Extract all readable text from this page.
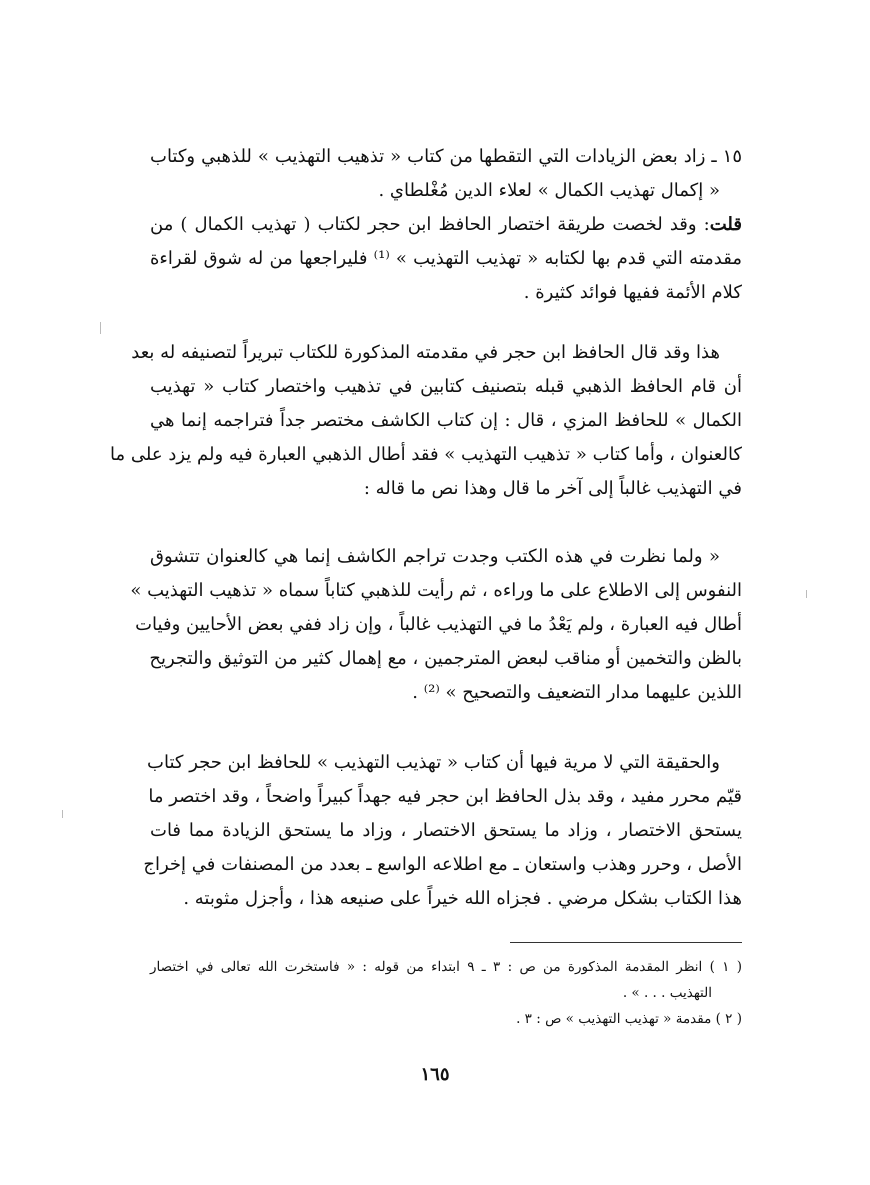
١٥ ـ زاد بعض الزيادات التي التقطها من كتاب « تذهيب التهذيب » للذهبي وكتاب
« إكمال تهذيب الكمال » لعلاء الدين مُغْلطاي .
قلت: وقد لخصت طريقة اختصار الحافظ ابن حجر لكتاب ( تهذيب الكمال ) من
مقدمته التي قدم بها لكتابه « تهذيب التهذيب » ⁽¹⁾ فليراجعها من له شوق لقراءة
كلام الأئمة ففيها فوائد كثيرة .
هذا وقد قال الحافظ ابن حجر في مقدمته المذكورة للكتاب تبريراً لتصنيفه له بعد
أن قام الحافظ الذهبي قبله بتصنيف كتابين في تذهيب واختصار كتاب « تهذيب
الكمال » للحافظ المزي ، قال : إن كتاب الكاشف مختصر جداً فتراجمه إنما هي
كالعنوان ، وأما كتاب « تذهيب التهذيب » فقد أطال الذهبي العبارة فيه ولم يزد على ما
في التهذيب غالباً إلى آخر ما قال وهذا نص ما قاله :
« ولما نظرت في هذه الكتب وجدت تراجم الكاشف إنما هي كالعنوان تتشوق
النفوس إلى الاطلاع على ما وراءه ، ثم رأيت للذهبي كتاباً سماه « تذهيب التهذيب »
أطال فيه العبارة ، ولم يَعْدُ ما في التهذيب غالباً ، وإن زاد ففي بعض الأحايين وفيات
بالظن والتخمين أو مناقب لبعض المترجمين ، مع إهمال كثير من التوثيق والتجريح
اللذين عليهما مدار التضعيف والتصحيح » ⁽²⁾ .
والحقيقة التي لا مرية فيها أن كتاب « تهذيب التهذيب » للحافظ ابن حجر كتاب
قيّم محرر مفيد ، وقد بذل الحافظ ابن حجر فيه جهداً كبيراً واضحاً ، وقد اختصر ما
يستحق الاختصار ، وزاد ما يستحق الاختصار ، وزاد ما يستحق الزيادة مما فات
الأصل ، وحرر وهذب واستعان ـ مع اطلاعه الواسع ـ بعدد من المصنفات في إخراج
هذا الكتاب بشكل مرضي . فجزاه الله خيراً على صنيعه هذا ، وأجزل مثوبته .
( ١ ) انظر المقدمة المذكورة من ص : ٣ ـ ٩ ابتداء من قوله : « فاستخرت الله تعالى في اختصار
التهذيب . . . » .
( ٢ ) مقدمة « تهذيب التهذيب » ص : ٣ .
١٦٥
